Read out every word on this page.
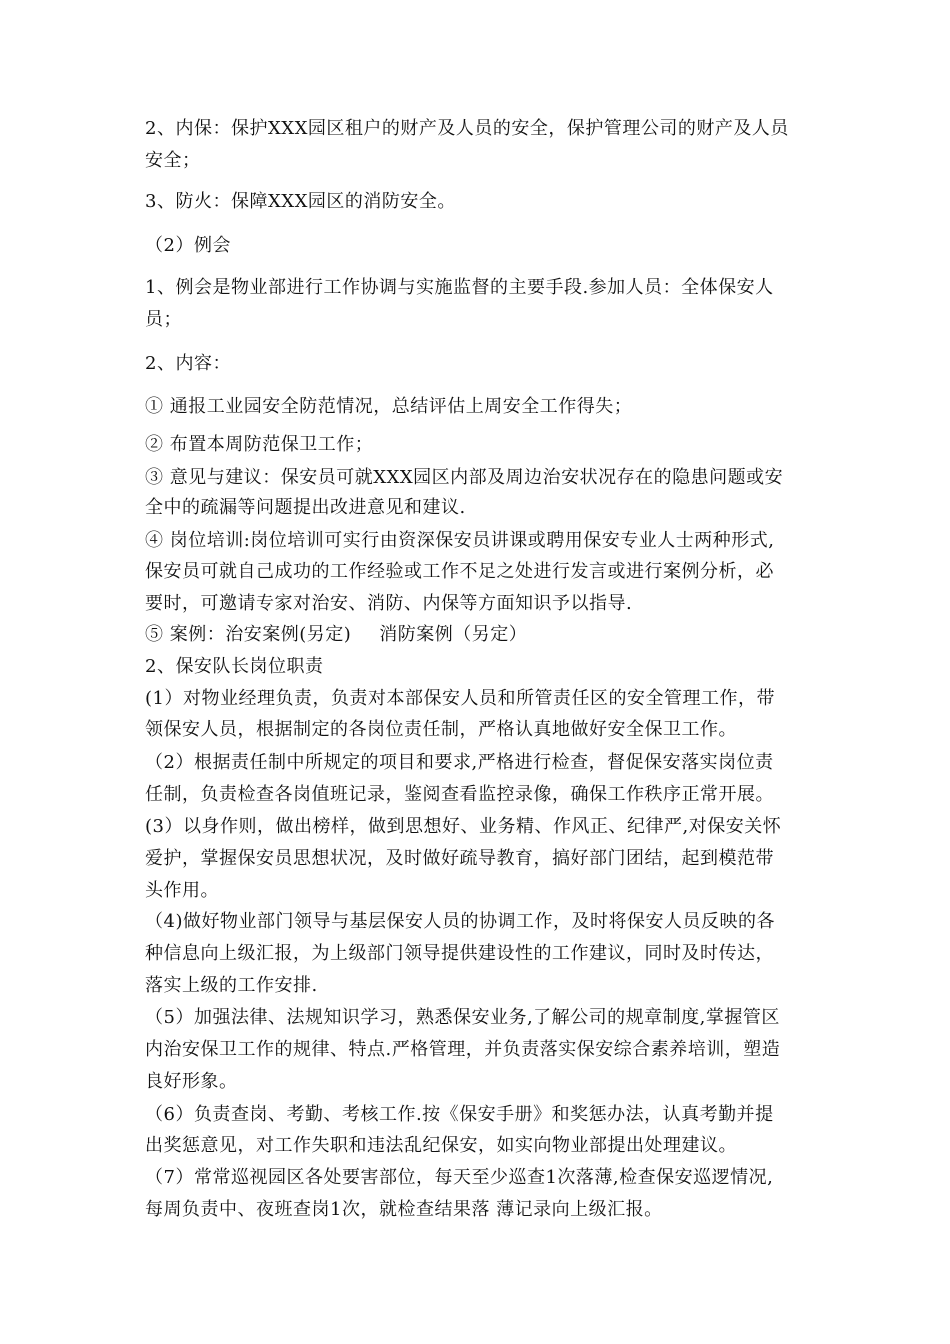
2、内保：保护XXX园区租户的财产及人员的安全，保护管理公司的财产及人员
安全；
3、防火：保障XXX园区的消防安全。
（2）例会
1、例会是物业部进行工作协调与实施监督的主要手段.参加人员：全体保安人
员；
2、内容：
① 通报工业园安全防范情况，总结评估上周安全工作得失；
② 布置本周防范保卫工作；
③ 意见与建议：保安员可就XXX园区内部及周边治安状况存在的隐患问题或安
全中的疏漏等问题提出改进意见和建议.
④ 岗位培训:岗位培训可实行由资深保安员讲课或聘用保安专业人士两种形式,
保安员可就自己成功的工作经验或工作不足之处进行发言或进行案例分析，必
要时，可邀请专家对治安、消防、内保等方面知识予以指导.
⑤ 案例：治安案例(另定) 消防案例（另定）
2、保安队长岗位职责
(1）对物业经理负责，负责对本部保安人员和所管责任区的安全管理工作，带
领保安人员，根据制定的各岗位责任制，严格认真地做好安全保卫工作。
（2）根据责任制中所规定的项目和要求,严格进行检查，督促保安落实岗位责
任制，负责检查各岗值班记录，鉴阅查看监控录像，确保工作秩序正常开展。
(3）以身作则，做出榜样，做到思想好、业务精、作风正、纪律严,对保安关怀
爱护，掌握保安员思想状况，及时做好疏导教育，搞好部门团结，起到模范带
头作用。
（4)做好物业部门领导与基层保安人员的协调工作，及时将保安人员反映的各
种信息向上级汇报，为上级部门领导提供建设性的工作建议，同时及时传达，
落实上级的工作安排.
（5）加强法律、法规知识学习，熟悉保安业务,了解公司的规章制度,掌握管区
内治安保卫工作的规律、特点.严格管理，并负责落实保安综合素养培训，塑造
良好形象。
（6）负责查岗、考勤、考核工作.按《保安手册》和奖惩办法，认真考勤并提
出奖惩意见，对工作失职和违法乱纪保安，如实向物业部提出处理建议。
（7）常常巡视园区各处要害部位，每天至少巡查1次落薄,检查保安巡逻情况,
每周负责中、夜班查岗1次，就检查结果落 薄记录向上级汇报。
